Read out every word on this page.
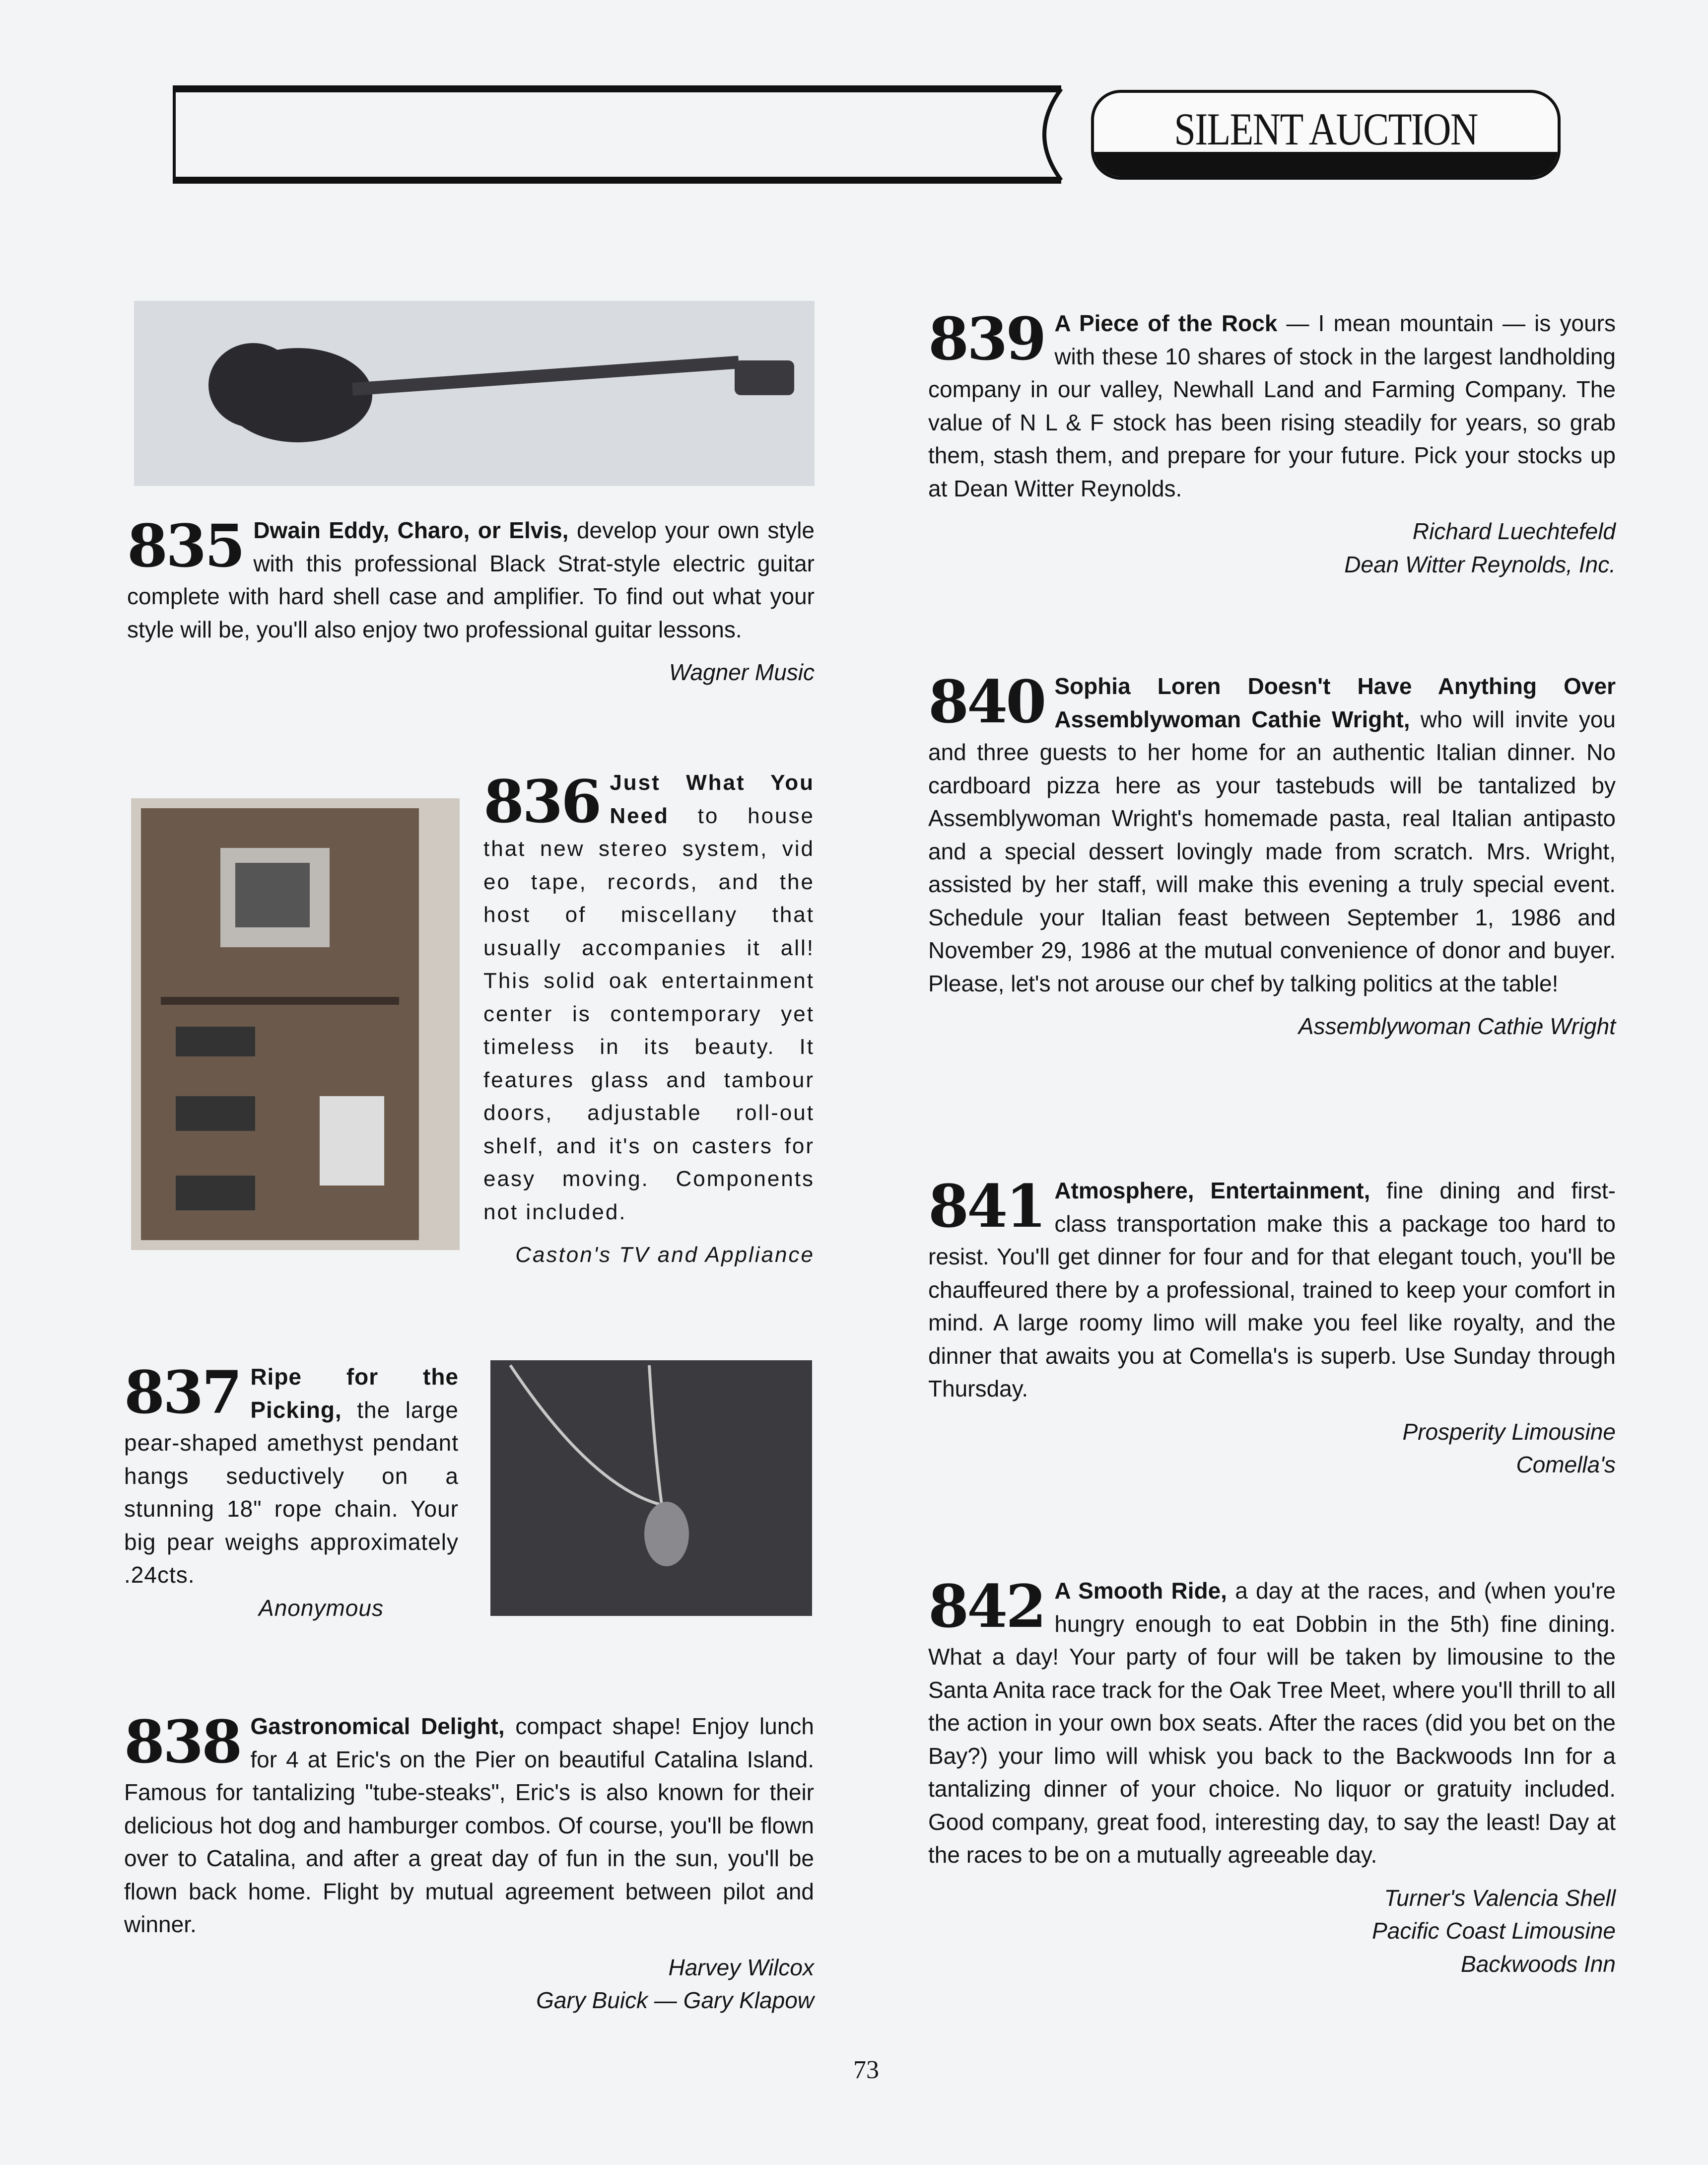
SILENT AUCTION
835 Dwain Eddy, Charo, or Elvis, develop your own style with this professional Black Strat-style electric guitar complete with hard shell case and amplifier. To find out what your style will be, you'll also enjoy two professional guitar lessons.
Wagner Music
836 Just What You Need to house that new stereo system, vid eo tape, records, and the host of miscellany that usually accompanies it all! This solid oak entertainment center is contemporary yet timeless in its beauty. It features glass and tambour doors, adjustable roll-out shelf, and it's on casters for easy moving. Components not included.
Caston's TV and Appliance
837 Ripe for the Picking, the large pear-shaped amethyst pendant hangs seductively on a stunning 18" rope chain. Your big pear weighs approximately .24cts.
Anonymous
838 Gastronomical Delight, compact shape! Enjoy lunch for 4 at Eric's on the Pier on beautiful Catalina Island. Famous for tantalizing "tube-steaks", Eric's is also known for their delicious hot dog and hamburger combos. Of course, you'll be flown over to Catalina, and after a great day of fun in the sun, you'll be flown back home. Flight by mutual agreement between pilot and winner.
Harvey Wilcox
Gary Buick — Gary Klapow
839 A Piece of the Rock — I mean mountain — is yours with these 10 shares of stock in the largest landholding company in our valley, Newhall Land and Farming Company. The value of N L & F stock has been rising steadily for years, so grab them, stash them, and prepare for your future. Pick your stocks up at Dean Witter Reynolds.
Richard Luechtefeld
Dean Witter Reynolds, Inc.
840 Sophia Loren Doesn't Have Anything Over Assemblywoman Cathie Wright, who will invite you and three guests to her home for an authentic Italian dinner. No cardboard pizza here as your tastebuds will be tantalized by Assemblywoman Wright's homemade pasta, real Italian antipasto and a special dessert lovingly made from scratch. Mrs. Wright, assisted by her staff, will make this evening a truly special event. Schedule your Italian feast between September 1, 1986 and November 29, 1986 at the mutual convenience of donor and buyer. Please, let's not arouse our chef by talking politics at the table!
Assemblywoman Cathie Wright
841 Atmosphere, Entertainment, fine dining and first-class transportation make this a package too hard to resist. You'll get dinner for four and for that elegant touch, you'll be chauffeured there by a professional, trained to keep your comfort in mind. A large roomy limo will make you feel like royalty, and the dinner that awaits you at Comella's is superb. Use Sunday through Thursday.
Prosperity Limousine
Comella's
842 A Smooth Ride, a day at the races, and (when you're hungry enough to eat Dobbin in the 5th) fine dining. What a day! Your party of four will be taken by limousine to the Santa Anita race track for the Oak Tree Meet, where you'll thrill to all the action in your own box seats. After the races (did you bet on the Bay?) your limo will whisk you back to the Backwoods Inn for a tantalizing dinner of your choice. No liquor or gratuity included. Good company, great food, interesting day, to say the least! Day at the races to be on a mutually agreeable day.
Turner's Valencia Shell
Pacific Coast Limousine
Backwoods Inn
73
